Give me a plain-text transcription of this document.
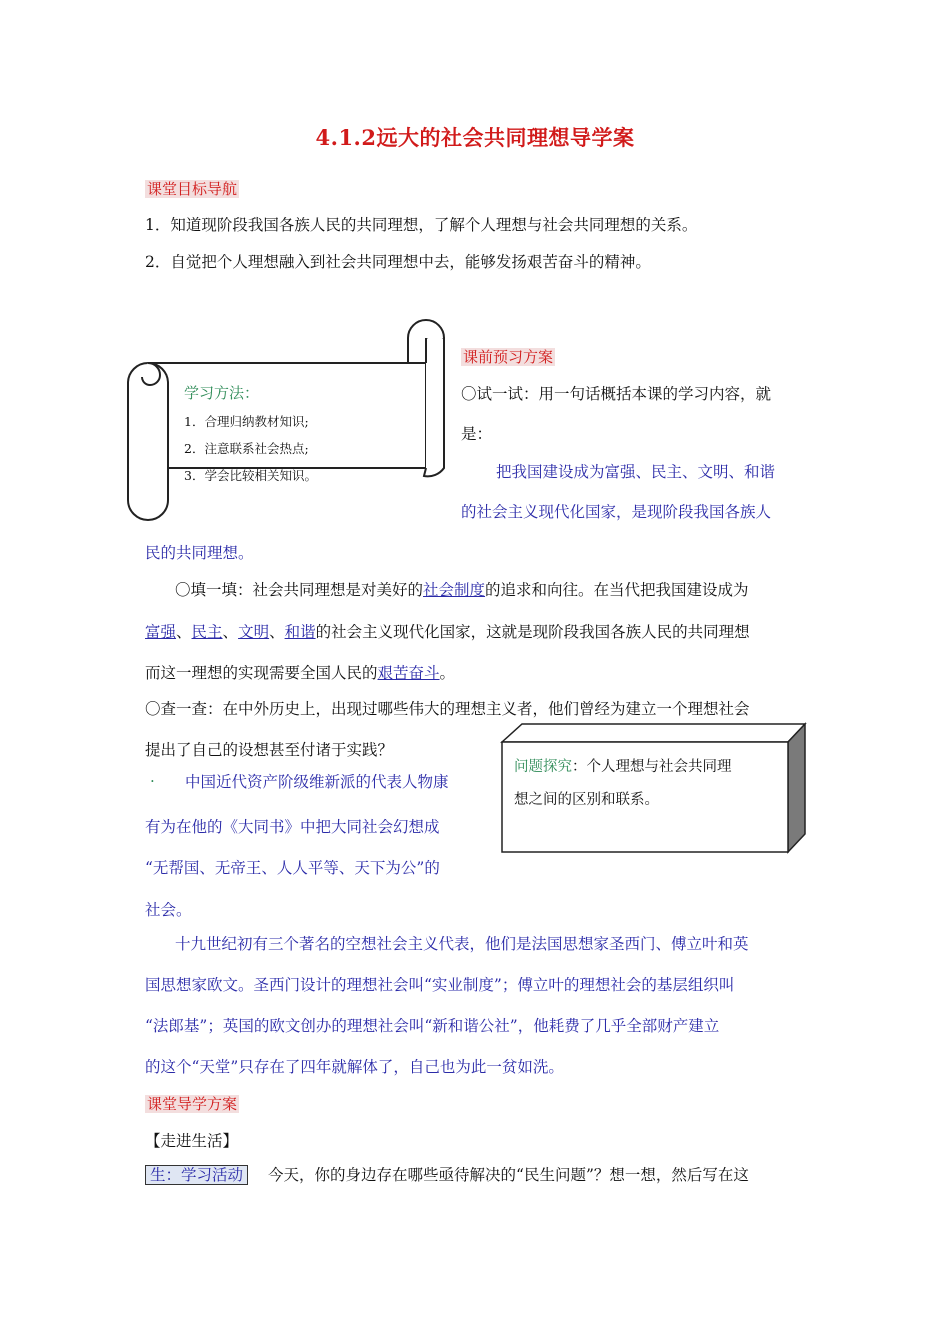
4.1.2远大的社会共同理想导学案
课堂目标导航
1．知道现阶段我国各族人民的共同理想，了解个人理想与社会共同理想的关系。
2．自觉把个人理想融入到社会共同理想中去，能够发扬艰苦奋斗的精神。
学习方法：
1．合理归纳教材知识;
2．注意联系社会热点;
3．学会比较相关知识。
课前预习方案
〇试一试：用一句话概括本课的学习内容，就
是：
把我国建设成为富强、民主、文明、和谐
的社会主义现代化国家，是现阶段我国各族人
民的共同理想。
〇填一填：社会共同理想是对美好的社会制度的追求和向往。在当代把我国建设成为
富强、民主、文明、和谐的社会主义现代化国家，这就是现阶段我国各族人民的共同理想
而这一理想的实现需要全国人民的艰苦奋斗。
〇查一查：在中外历史上，出现过哪些伟大的理想主义者，他们曾经为建立一个理想社会
提出了自己的设想甚至付诸于实践？
. 中国近代资产阶级维新派的代表人物康
有为在他的《大同书》中把大同社会幻想成
“无帮国、无帝王、人人平等、天下为公”的
社会。
问题探究：个人理想与社会共同理
想之间的区别和联系。
十九世纪初有三个著名的空想社会主义代表，他们是法国思想家圣西门、傅立叶和英
国思想家欧文。圣西门设计的理想社会叫“实业制度”；傅立叶的理想社会的基层组织叫
“法郎基”；英国的欧文创办的理想社会叫“新和谐公社”，他耗费了几乎全部财产建立
的这个“天堂”只存在了四年就解体了，自己也为此一贫如洗。
课堂导学方案
【走进生活】
生：学习活动 今天，你的身边存在哪些亟待解决的“民生问题”？想一想，然后写在这
